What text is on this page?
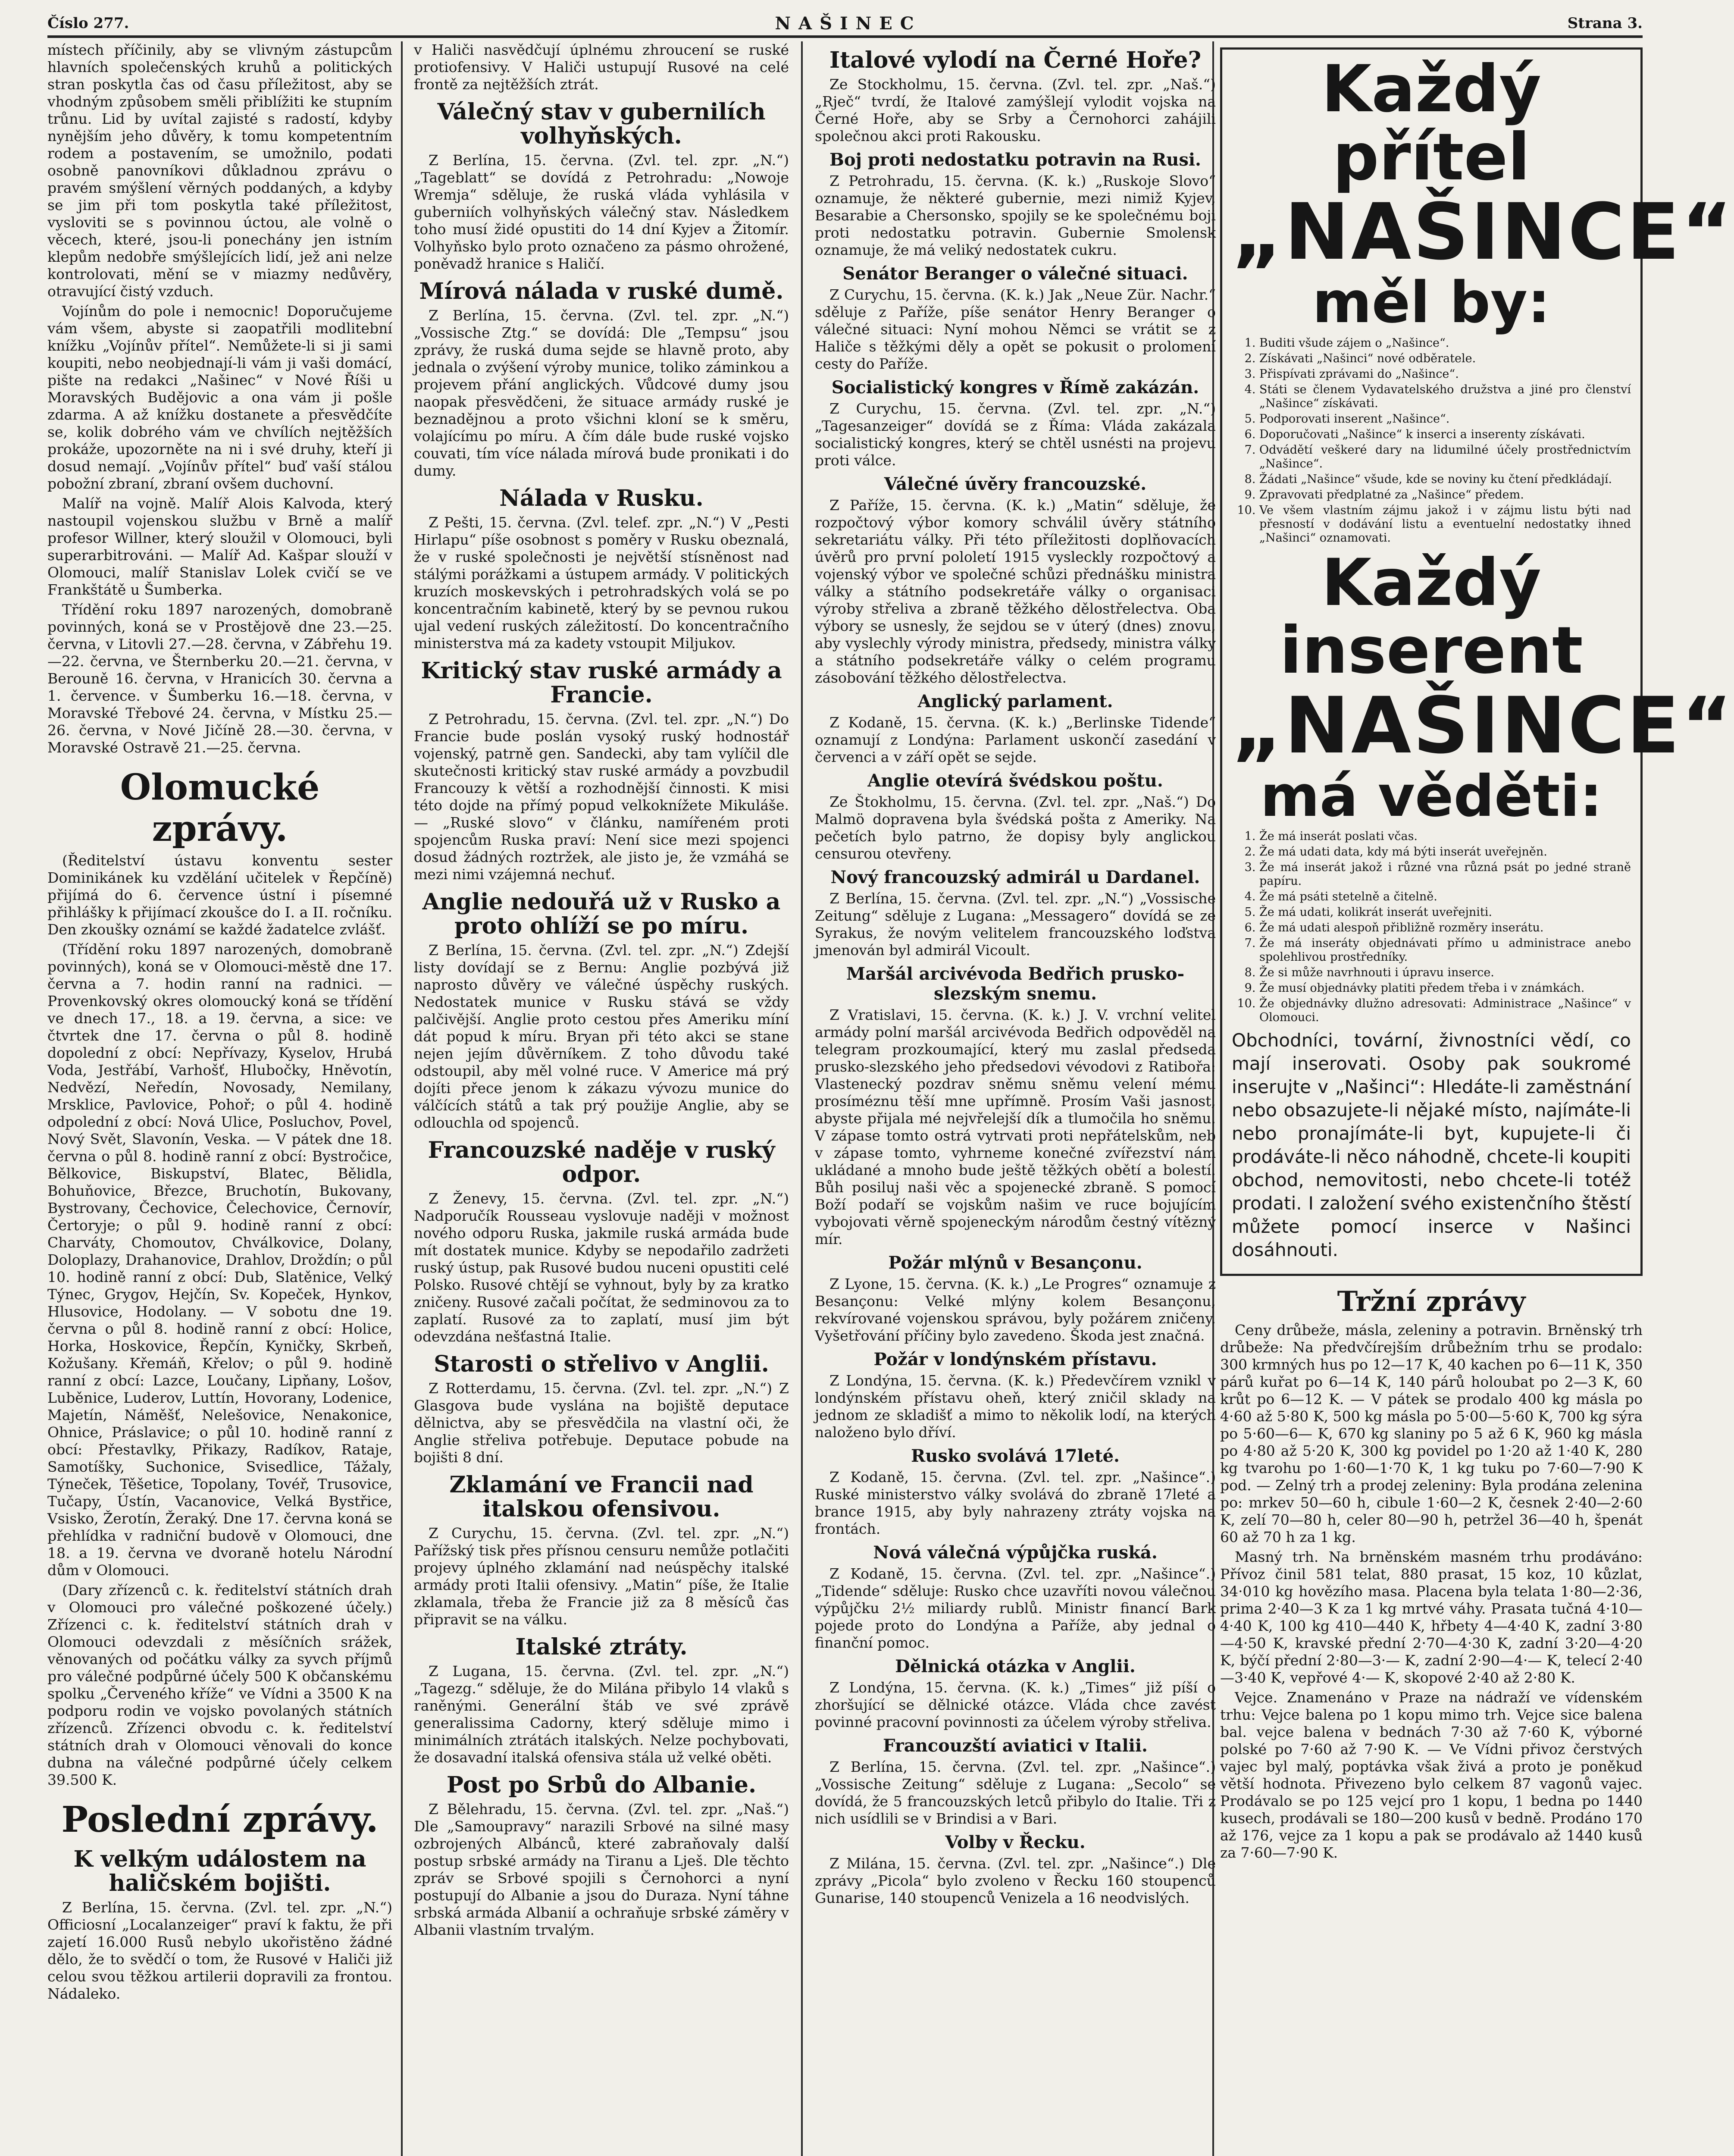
Číslo 277.	NAŠINEC	Strana 3.

místech příčinily, aby se vlivným zástupcům hlavních společenských kruhů a politických stran poskytla čas od času příležitost, aby se vhodným způsobem směli přiblížiti ke stupním trůnu. Lid by uvítal zajisté s radostí, kdyby nynějším jeho důvěry, k tomu kompetentním rodem a postavením, se umožnilo, podati osobně panovníkovi důkladnou zprávu o pravém smýšlení věrných poddaných, a kdyby se jim při tom poskytla také příležitost, vysloviti se s povinnou úctou, ale volně o věcech, které, jsou-li ponechány jen istním klepům nedobře smýšlejících lidí, jež ani nelze kontrolovati, mění se v miazmy nedůvěry, otravující čistý vzduch.

Vojínům do pole i nemocnic! Doporučujeme vám všem, abyste si zaopatřili modlitební knížku „Vojínův přítel“. Nemůžete-li si ji sami koupiti, nebo neobjednají-li vám ji vaši domácí, pište na redakci „Našinec“ v Nové Říši u Moravských Budějovic a ona vám ji pošle zdarma. A až knížku dostanete a přesvědčíte se, kolik dobrého vám ve chvílích nejtěžších prokáže, upozorněte na ni i své druhy, kteří ji dosud nemají. „Vojínův přítel“ buď vaší stálou pobožní zbraní, zbraní ovšem duchovní.

Malíř na vojně. Malíř Alois Kalvoda, který nastoupil vojenskou službu v Brně a malíř profesor Willner, který sloužil v Olomouci, byli superarbitrováni. — Malíř Ad. Kašpar slouží v Olomouci, malíř Stanislav Lolek cvičí se ve Frankštátě u Šumberka.

Třídění roku 1897 narozených, domobraně povinných, koná se v Prostějově dne 23.—25. června, v Litovli 27.—28. června, v Zábřehu 19.—22. června, ve Šternberku 20.—21. června, v Berouně 16. června, v Hranicích 30. června a 1. července. v Šumberku 16.—18. června, v Moravské Třebové 24. června, v Místku 25.—26. června, v Nové Jičíně 28.—30. června, v Moravské Ostravě 21.—25. června.

Olomucké zprávy.

(Ředitelství ústavu konventu sester Dominikánek ku vzdělání učitelek v Řepčíně) přijímá do 6. července ústní i písemné přihlášky k přijímací zkoušce do I. a II. ročníku. Den zkoušky oznámí se každé žadatelce zvlášť.

(Třídění roku 1897 narozených, domobraně povinných), koná se v Olomouci-městě dne 17. června a 7. hodin ranní na radnici. — Provenkovský okres olomoucký koná se třídění ve dnech 17., 18. a 19. června, a sice: ve čtvrtek dne 17. června o půl 8. hodině dopolední z obcí: Nepřívazy, Kyselov, Hrubá Voda, Jestřábí, Varhošť, Hlubočky, Hněvotín, Nedvězí, Neředín, Novosady, Nemilany, Mrsklice, Pavlovice, Pohoř; o půl 4. hodině odpolední z obcí: Nová Ulice, Posluchov, Povel, Nový Svět, Slavonín, Veska. — V pátek dne 18. června o půl 8. hodině ranní z obcí: Bystročice, Bělkovice, Biskupství, Blatec, Bělidla, Bohuňovice, Březce, Bruchotín, Bukovany, Bystrovany, Čechovice, Čelechovice, Černovír, Čertoryje; o půl 9. hodině ranní z obcí: Charváty, Chomoutov, Chválkovice, Dolany, Doloplazy, Drahanovice, Drahlov, Droždín; o půl 10. hodině ranní z obcí: Dub, Slatěnice, Velký Týnec, Grygov, Hejčín, Sv. Kopeček, Hynkov, Hlusovice, Hodolany. — V sobotu dne 19. června o půl 8. hodině ranní z obcí: Holice, Horka, Hoskovice, Řepčín, Kyničky, Skrbeň, Kožušany. Křemáň, Křelov; o půl 9. hodině ranní z obcí: Lazce, Loučany, Lipňany, Lošov, Luběnice, Luderov, Luttín, Hovorany, Lodenice, Majetín, Náměšť, Nelešovice, Nenakonice, Ohnice, Práslavice; o půl 10. hodině ranní z obcí: Přestavlky, Přikazy, Radíkov, Rataje, Samotíšky, Suchonice, Svisedlice, Tážaly, Týneček, Těšetice, Topolany, Tovéř, Trusovice, Tučapy, Ústín, Vacanovice, Velká Bystřice, Vsisko, Žerotín, Žeraký. Dne 17. června koná se přehlídka v radniční budově v Olomouci, dne 18. a 19. června ve dvoraně hotelu Národní dům v Olomouci.

(Dary zřízenců c. k. ředitelství státních drah v Olomouci pro válečné poškozené účely.) Zřízenci c. k. ředitelství státních drah v Olomouci odevzdali z měsíčních srážek, věnovaných od počátku války za syvch příjmů pro válečné podpůrné účely 500 K občanskému spolku „Červeného kříže“ ve Vídni a 3500 K na podporu rodin ve vojsko povolaných státních zřízenců. Zřízenci obvodu c. k. ředitelství státních drah v Olomouci věnovali do konce dubna na válečné podpůrné účely celkem 39.500 K.

Poslední zprávy.
K velkým událostem na haličském bojišti.

Z Berlína, 15. června. (Zvl. tel. zpr. „N.“) Officiosní „Localanzeiger“ praví k faktu, že při zajetí 16.000 Rusů nebylo ukořistěno žádné dělo, že to svědčí o tom, že Rusové v Haliči již celou svou těžkou artilerii dopravili za frontou. Nádaleko.

v Haliči nasvědčují úplnému zhroucení se ruské protiofensivy. V Haliči ustupují Rusové na celé frontě za nejtěžších ztrát.

Válečný stav v gubernilích volhyňských.

Z Berlína, 15. června. (Zvl. tel. zpr. „N.“) „Tageblatt“ se dovídá z Petrohradu: „Nowoje Wremja“ sděluje, že ruská vláda vyhlásila v guberniích volhyňských válečný stav. Následkem toho musí židé opustiti do 14 dní Kyjev a Žitomír. Volhyňsko bylo proto označeno za pásmo ohrožené, poněvadž hranice s Haličí.

Mírová nálada v ruské dumě.

Z Berlína, 15. června. (Zvl. tel. zpr. „N.“) „Vossische Ztg.“ se dovídá: Dle „Tempsu“ jsou zprávy, že ruská duma sejde se hlavně proto, aby jednala o zvýšení výroby munice, toliko záminkou a projevem přání anglických. Vůdcové dumy jsou naopak přesvědčeni, že situace armády ruské je beznadějnou a proto všichni kloní se k směru, volajícímu po míru. A čím dále bude ruské vojsko couvati, tím více nálada mírová bude pronikati i do dumy.

Nálada v Rusku.

Z Pešti, 15. června. (Zvl. telef. zpr. „N.“) V „Pesti Hirlapu“ píše osobnost s poměry v Rusku obeznalá, že v ruské společnosti je největší stísněnost nad stálými porážkami a ústupem armády. V politických kruzích moskevských i petrohradských volá se po koncentračním kabinetě, který by se pevnou rukou ujal vedení ruských záležitostí. Do koncentračního ministerstva má za kadety vstoupit Miljukov.

Kritický stav ruské armády a Francie.

Z Petrohradu, 15. června. (Zvl. tel. zpr. „N.“) Do Francie bude poslán vysoký ruský hodnostář vojenský, patrně gen. Sandecki, aby tam vylíčil dle skutečnosti kritický stav ruské armády a povzbudil Francouzy k větší a rozhodnější činnosti. K misi této dojde na přímý popud velkoknížete Mikuláše. — „Ruské slovo“ v článku, namířeném proti spojencům Ruska praví: Není sice mezi spojenci dosud žádných roztržek, ale jisto je, že vzmáhá se mezi nimi vzájemná nechuť.

Anglie nedouřá už v Rusko a proto ohlíží se po míru.

Z Berlína, 15. června. (Zvl. tel. zpr. „N.“) Zdejší listy dovídají se z Bernu: Anglie pozbývá již naprosto důvěry ve válečné úspěchy ruských. Nedostatek munice v Rusku stává se vždy palčivější. Anglie proto cestou přes Ameriku míní dát popud k míru. Bryan při této akci se stane nejen jejím důvěrníkem. Z toho důvodu také odstoupil, aby měl volné ruce. V Americe má prý dojíti přece jenom k zákazu vývozu munice do válčících států a tak prý použije Anglie, aby se odlouchla od spojenců.

Francouzské naděje v ruský odpor.

Z Ženevy, 15. června. (Zvl. tel. zpr. „N.“) Nadporučík Rousseau vyslovuje naději v možnost nového odporu Ruska, jakmile ruská armáda bude mít dostatek munice. Kdyby se nepodařilo zadržeti ruský ústup, pak Rusové budou nuceni opustiti celé Polsko. Rusové chtějí se vyhnout, byly by za kratko zničeny. Rusové začali počítat, že sedminovou za to zaplatí. Rusové za to zaplatí, musí jim být odevzdána nešťastná Italie.

Starosti o střelivo v Anglii.

Z Rotterdamu, 15. června. (Zvl. tel. zpr. „N.“) Z Glasgova bude vyslána na bojiště deputace dělnictva, aby se přesvědčila na vlastní oči, že Anglie střeliva potřebuje. Deputace pobude na bojišti 8 dní.

Zklamání ve Francii nad italskou ofensivou.

Z Curychu, 15. června. (Zvl. tel. zpr. „N.“) Pařížský tisk přes přísnou censuru nemůže potlačiti projevy úplného zklamání nad neúspěchy italské armády proti Italii ofensivy. „Matin“ píše, že Italie zklamala, třeba že Francie již za 8 měsíců čas připravit se na válku.

Italské ztráty.

Z Lugana, 15. června. (Zvl. tel. zpr. „N.“) „Tagezg.“ sděluje, že do Milána přibylo 14 vlaků s raněnými. Generální štáb ve své zprávě generalissima Cadorny, který sděluje mimo i minimálních ztrátách italských. Nelze pochybovati, že dosavadní italská ofensiva stála už velké oběti.

Post po Srbů do Albanie.

Z Bělehradu, 15. června. (Zvl. tel. zpr. „Naš.“) Dle „Samoupravy“ narazili Srbové na silné masy ozbrojených Albánců, které zabraňovaly další postup srbské armády na Tiranu a Lješ. Dle těchto zpráv se Srbové spojili s Černohorci a nyní postupují do Albanie a jsou do Duraza. Nyní táhne srbská armáda Albanií a ochraňuje srbské záměry v Albanii vlastním trvalým.

Italové vylodí na Černé Hoře?

Ze Stockholmu, 15. června. (Zvl. tel. zpr. „Naš.“) „Rječ“ tvrdí, že Italové zamýšlejí vylodit vojska na Černé Hoře, aby se Srby a Černohorci zahájili společnou akci proti Rakousku.

Boj proti nedostatku potravin na Rusi.

Z Petrohradu, 15. června. (K. k.) „Ruskoje Slovo“ oznamuje, že některé gubernie, mezi nimiž Kyjev, Besarabie a Chersonsko, spojily se ke společnému boji proti nedostatku potravin. Gubernie Smolensk oznamuje, že má veliký nedostatek cukru.

Senátor Beranger o válečné situaci.

Z Curychu, 15. června. (K. k.) Jak „Neue Zür. Nachr.“ sděluje z Paříže, píše senátor Henry Beranger o válečné situaci: Nyní mohou Němci se vrátit se z Haliče s těžkými děly a opět se pokusit o prolomení cesty do Paříže.

Socialistický kongres v Římě zakázán.

Z Curychu, 15. června. (Zvl. tel. zpr. „N.“) „Tagesanzeiger“ dovídá se z Říma: Vláda zakázala socialistický kongres, který se chtěl usnésti na projevu proti válce.

Válečné úvěry francouzské.

Z Paříže, 15. června. (K. k.) „Matin“ sděluje, že rozpočtový výbor komory schválil úvěry státního sekretariátu války. Při této příležitosti doplňovacích úvěrů pro první pololetí 1915 vysleckly rozpočtový a vojenský výbor ve společné schůzi přednášku ministra války a státního podsekretáře války o organisaci výroby střeliva a zbraně těžkého dělostřelectva. Oba výbory se usnesly, že sejdou se v úterý (dnes) znovu, aby vyslechly výrody ministra, předsedy, ministra války a státního podsekretáře války o celém programu zásobování těžkého dělostřelectva.

Anglický parlament.

Z Kodaně, 15. června. (K. k.) „Berlinske Tidende“ oznamují z Londýna: Parlament uskončí zasedání v červenci a v září opět se sejde.

Anglie otevírá švédskou poštu.

Ze Štokholmu, 15. června. (Zvl. tel. zpr. „Naš.“) Do Malmö dopravena byla švédská pošta z Ameriky. Na pečetích bylo patrno, že dopisy byly anglickou censurou otevřeny.

Nový francouzský admirál u Dardanel.

Z Berlína, 15. června. (Zvl. tel. zpr. „N.“) „Vossische Zeitung“ sděluje z Lugana: „Messagero“ dovídá se ze Syrakus, že novým velitelem francouzského loďstva jmenován byl admirál Vicoult.

Maršál arcivévoda Bedřich prusko-slezským snemu.

Z Vratislavi, 15. června. (K. k.) J. V. vrchní velitel armády polní maršál arcivévoda Bedřich odpověděl na telegram prozkoumající, který mu zaslal předseda prusko-slezského jeho předsedovi vévodovi z Ratibořa: Vlastenecký pozdrav sněmu sněmu velení mému prosíméznu těší mne upřímně. Prosím Vaši jasnost, abyste přijala mé nejvřelejší dík a tlumočila ho sněmu. V zápase tomto ostrá vytrvati proti nepřátelskům, neb v zápase tomto, vyhrneme konečné zvířezství nám ukládané a mnoho bude ještě těžkých obětí a bolestí. Bůh posiluj naši věc a spojenecké zbraně. S pomocí Boží podaří se vojskům našim ve ruce bojujícím vybojovati věrně spojeneckým národům čestný vítězný mír.

Požár mlýnů v Besançonu.

Z Lyone, 15. června. (K. k.) „Le Progres“ oznamuje z Besançonu: Velké mlýny kolem Besançonu, rekvírované vojenskou správou, byly požárem zničeny. Vyšetřování příčiny bylo zavedeno. Škoda jest značná.

Požár v londýnském přístavu.

Z Londýna, 15. června. (K. k.) Předevčírem vznikl v londýnském přístavu oheň, který zničil sklady na jednom ze skladišť a mimo to několik lodí, na kterých naloženo bylo dříví.

Rusko svolává 17leté.

Z Kodaně, 15. června. (Zvl. tel. zpr. „Našince“.) Ruské ministerstvo války svolává do zbraně 17leté a brance 1915, aby byly nahrazeny ztráty vojska na frontách.

Nová válečná výpůjčka ruská.

Z Kodaně, 15. června. (Zvl. tel. zpr. „Našince“.) „Tidende“ sděluje: Rusko chce uzavříti novou válečnou výpůjčku 2½ miliardy rublů. Ministr financí Bark pojede proto do Londýna a Paříže, aby jednal o finanční pomoc.

Dělnická otázka v Anglii.

Z Londýna, 15. června. (K. k.) „Times“ již píší o zhoršující se dělnické otázce. Vláda chce zavést povinné pracovní povinnosti za účelem výroby střeliva.

Francouzští aviatici v Italii.

Z Berlína, 15. června. (Zvl. tel. zpr. „Našince“.) „Vossische Zeitung“ sděluje z Lugana: „Secolo“ se dovídá, že 5 francouzských letců přibylo do Italie. Tři z nich usídlili se v Brindisi a v Bari.

Volby v Řecku.

Z Milána, 15. června. (Zvl. tel. zpr. „Našince“.) Dle zprávy „Picola“ bylo zvoleno v Řecku 160 stoupenců Gunarise, 140 stoupenců Venizela a 16 neodvislých.

Každý přítel
„NAŠINCE“
měl by:
1. Buditi všude zájem o „Našince“.
2. Získávati „Našinci“ nové odběratele.
3. Přispívati zprávami do „Našince“.
4. Státi se členem Vydavatelského družstva a jiné pro členství „Našince“ získávati.
5. Podporovati inserent „Našince“.
6. Doporučovati „Našince“ k inserci a inserenty získávati.
7. Odvádětí veškeré dary na lidumilné účely prostřednictvím „Našince“.
8. Žádati „Našince“ všude, kde se noviny ku čtení předkládají.
9. Zpravovati předplatné za „Našince“ předem.
10. Ve všem vlastním zájmu jakož i v zájmu listu býti nad přesností v dodávání listu a eventuelní nedostatky ihned „Našinci“ oznamovati.
Každý inserent
„NAŠINCE“
má věděti:
1. Že má inserát poslati včas.
2. Že má udati data, kdy má býti inserát uveřejněn.
3. Že má inserát jakož i různé vna různá psát po jedné straně papíru.
4. Že má psáti stetelně a čitelně.
5. Že má udati, kolikrát inserát uveřejniti.
6. Že má udati alespoň přibližně rozměry inserátu.
7. Že má inseráty objednávati přímo u administrace anebo spolehlivou prostředníky.
8. Že si může navrhnouti i úpravu inserce.
9. Že musí objednávky platiti předem třeba i v známkách.
10. Že objednávky dlužno adresovati: Administrace „Našince“ v Olomouci.
Obchodníci, tovární, živnostníci vědí, co mají inserovati. Osoby pak soukromé inserujte v „Našinci“: Hledáte-li zaměstnání nebo obsazujete-li nějaké místo, najímáte-li nebo pronajímáte-li byt, kupujete-li či prodáváte-li něco náhodně, chcete-li koupiti obchod, nemovitosti, nebo chcete-li totéž prodati. I založení svého existenčního štěstí můžete pomocí inserce v Našinci dosáhnouti.
Tržní zprávy

Ceny drůbeže, másla, zeleniny a potravin. Brněnský trh drůbeže: Na předvčírejším drůbežním trhu se prodalo: 300 krmných hus po 12—17 K, 40 kachen po 6—11 K, 350 párů kuřat po 6—14 K, 140 párů holoubat po 2—3 K, 60 krůt po 6—12 K. — V pátek se prodalo 400 kg másla po 4·60 až 5·80 K, 500 kg másla po 5·00—5·60 K, 700 kg sýra po 5·60—6— K, 670 kg slaniny po 5 až 6 K, 960 kg másla po 4·80 až 5·20 K, 300 kg povidel po 1·20 až 1·40 K, 280 kg tvarohu po 1·60—1·70 K, 1 kg tuku po 7·60—7·90 K pod. — Zelný trh a prodej zeleniny: Byla prodána zelenina po: mrkev 50—60 h, cibule 1·60—2 K, česnek 2·40—2·60 K, zelí 70—80 h, celer 80—90 h, petržel 36—40 h, špenát 60 až 70 h za 1 kg.

Masný trh. Na brněnském masném trhu prodáváno: Přívoz činil 581 telat, 880 prasat, 15 koz, 10 kůzlat, 34·010 kg hovězího masa. Placena byla telata 1·80—2·36, prima 2·40—3 K za 1 kg mrtvé váhy. Prasata tučná 4·10—4·40 K, 100 kg 410—440 K, hřbety 4—4·40 K, zadní 3·80—4·50 K, kravské přední 2·70—4·30 K, zadní 3·20—4·20 K, býčí přední 2·80—3·— K, zadní 2·90—4·— K, telecí 2·40—3·40 K, vepřové 4·— K, skopové 2·40 až 2·80 K.

Vejce. Znamenáno v Praze na nádraží ve vídenském trhu: Vejce balena po 1 kopu mimo trh. Vejce sice balena bal. vejce balena v bednách 7·30 až 7·60 K, výborné polské po 7·60 až 7·90 K. — Ve Vídni přivoz čerstvých vajec byl malý, poptávka však živá a proto je poněkud větší hodnota. Přivezeno bylo celkem 87 vagonů vajec. Prodávalo se po 125 vejcí pro 1 kopu, 1 bedna po 1440 kusech, prodávali se 180—200 kusů v bedně. Prodáno 170 až 176, vejce za 1 kopu a pak se prodávalo až 1440 kusů za 7·60—7·90 K.
